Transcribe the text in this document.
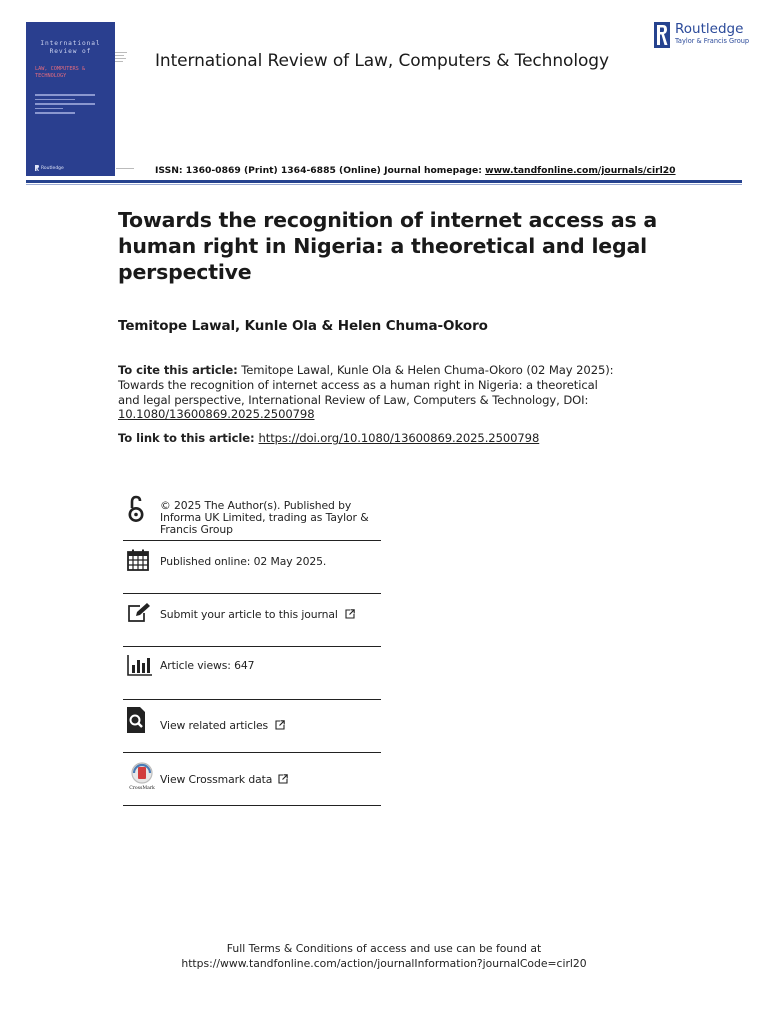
International
Review of
LAW, COMPUTERS & TECHNOLOGY
Routledge
International Review of Law, Computers & Technology
Routledge
Taylor & Francis Group
ISSN: 1360-0869 (Print) 1364-6885 (Online) Journal homepage: www.tandfonline.com/journals/cirl20
Towards the recognition of internet access as a human right in Nigeria: a theoretical and legal perspective
Temitope Lawal, Kunle Ola & Helen Chuma-Okoro
To cite this article: Temitope Lawal, Kunle Ola & Helen Chuma-Okoro (02 May 2025): Towards the recognition of internet access as a human right in Nigeria: a theoretical and legal perspective, International Review of Law, Computers & Technology, DOI: 10.1080/13600869.2025.2500798
To link to this article: https://doi.org/10.1080/13600869.2025.2500798
© 2025 The Author(s). Published by Informa UK Limited, trading as Taylor & Francis Group
Published online: 02 May 2025.
Submit your article to this journal
Article views: 647
View related articles
CrossMark
View Crossmark data
Full Terms & Conditions of access and use can be found at
https://www.tandfonline.com/action/journalInformation?journalCode=cirl20
